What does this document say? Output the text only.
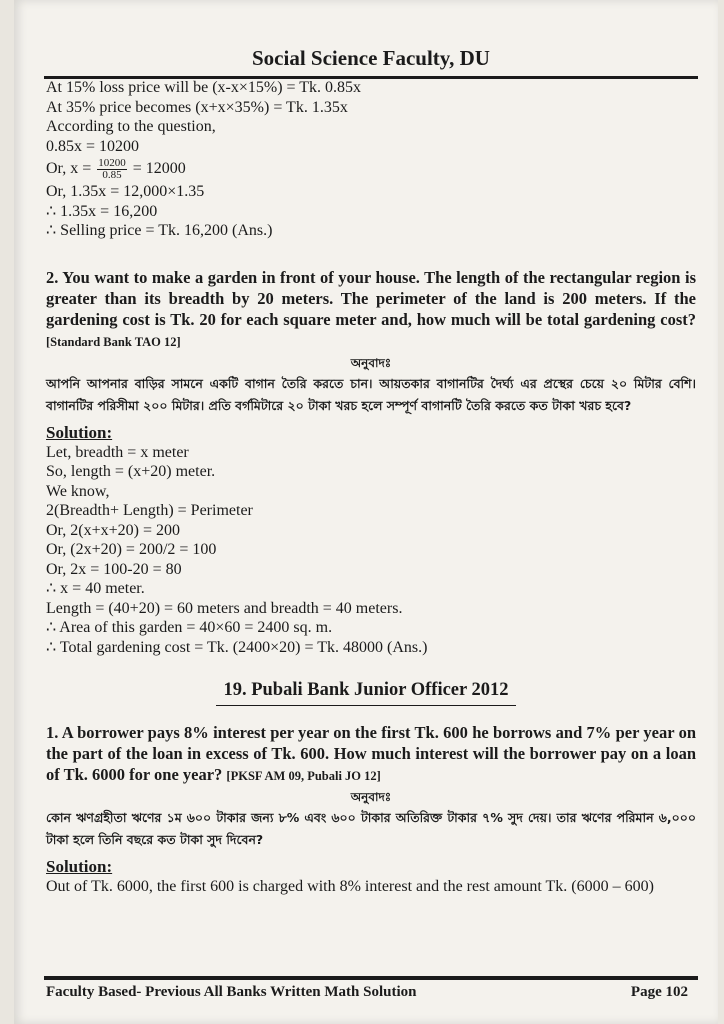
Social Science Faculty, DU
At 15% loss price will be (x-x×15%) = Tk. 0.85x
At 35% price becomes (x+x×35%) = Tk. 1.35x
According to the question,
0.85x = 10200
Or, $x = \frac{10200}{0.85} = 12000$
Or, 1.35x = 12,000×1.35
∴ 1.35x = 16,200
∴ Selling price = Tk. 16,200 (Ans.)
2. You want to make a garden in front of your house. The length of the rectangular region is greater than its breadth by 20 meters. The perimeter of the land is 200 meters. If the gardening cost is Tk. 20 for each square meter and, how much will be total gardening cost? [Standard Bank TAO 12]
অনুবাদঃ
আপনি আপনার বাড়ির সামনে একটি বাগান তৈরি করতে চান। আয়তকার বাগানটির দৈর্ঘ্য এর প্রস্থের চেয়ে ২০ মিটার বেশি। বাগানটির পরিসীমা ২০০ মিটার। প্রতি বর্গমিটারে ২০ টাকা খরচ হলে সম্পূর্ণ বাগানটি তৈরি করতে কত টাকা খরচ হবে?
Solution:
Let, breadth = x meter
So, length = (x+20) meter.
We know,
2(Breadth+ Length) = Perimeter
Or, 2(x+x+20) = 200
Or, (2x+20) = 200/2 = 100
Or, 2x = 100-20 = 80
∴ x = 40 meter.
Length = (40+20) = 60 meters and breadth = 40 meters.
∴ Area of this garden = 40×60 = 2400 sq. m.
∴ Total gardening cost = Tk. (2400×20) = Tk. 48000 (Ans.)
19. Pubali Bank Junior Officer 2012
1. A borrower pays 8% interest per year on the first Tk. 600 he borrows and 7% per year on the part of the loan in excess of Tk. 600. How much interest will the borrower pay on a loan of Tk. 6000 for one year? [PKSF AM 09, Pubali JO 12]
অনুবাদঃ
কোন ঋণগ্রহীতা ঋণের ১ম ৬০০ টাকার জন্য ৮% এবং ৬০০ টাকার অতিরিক্ত টাকার ৭% সুদ দেয়। তার ঋণের পরিমান ৬,০০০ টাকা হলে তিনি বছরে কত টাকা সুদ দিবেন?
Solution:
Out of Tk. 6000, the first 600 is charged with 8% interest and the rest amount Tk. (6000 – 600)
Faculty Based- Previous All Banks Written Math Solution	Page 102
